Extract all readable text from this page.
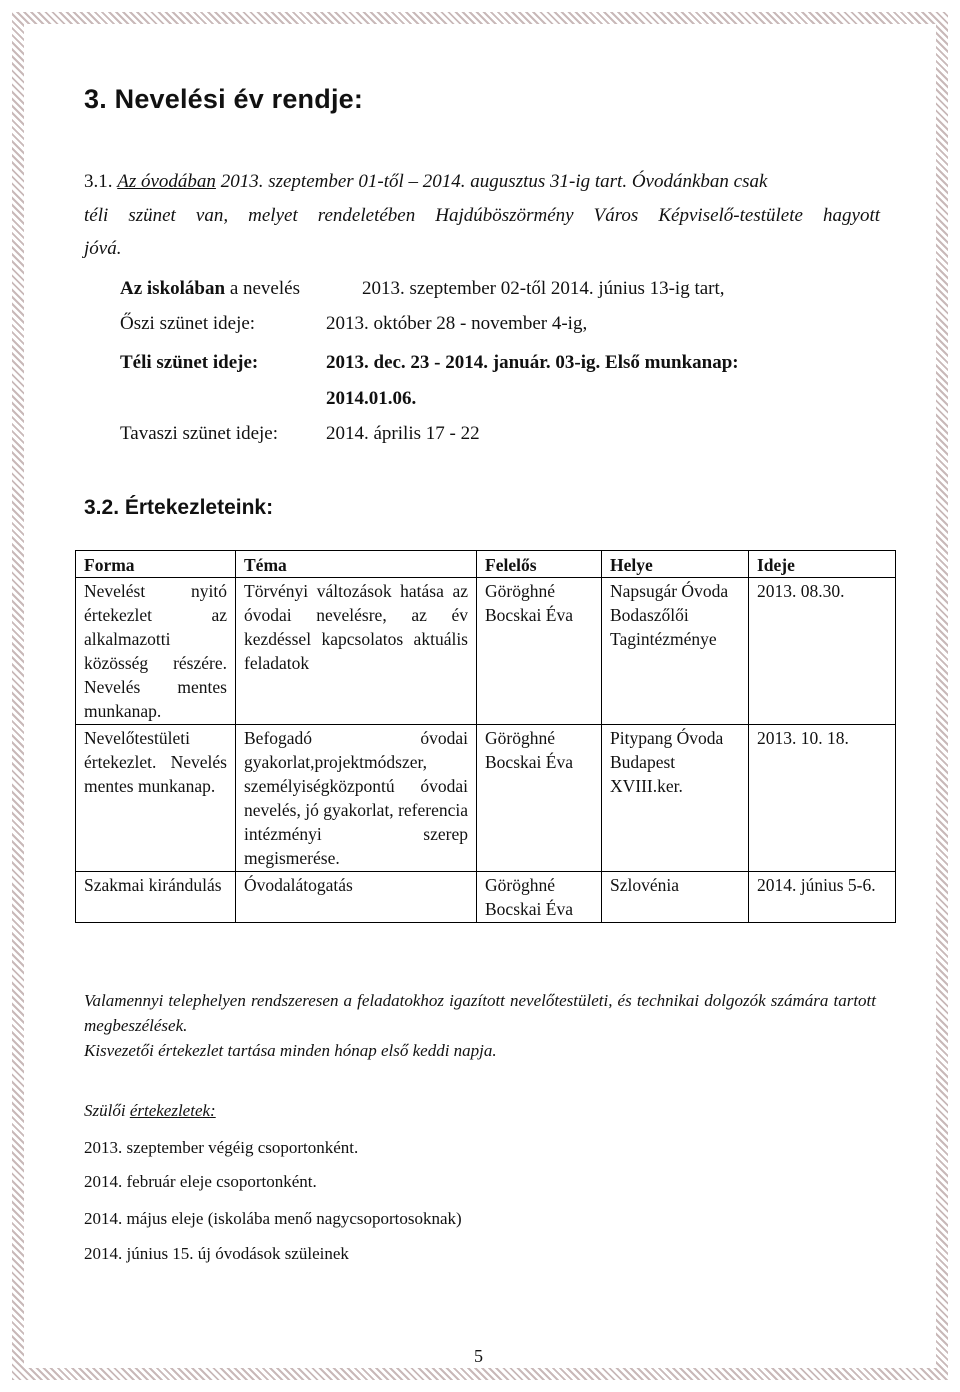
3. Nevelési év rendje:
3.1. Az óvodában 2013. szeptember 01-től – 2014. augusztus 31-ig tart. Óvodánkban csak
téli szünet van, melyet rendeletében Hajdúböszörmény Város Képviselő-testülete hagyott
jóvá.
Az iskolában a nevelés	2013. szeptember 02-től 2014. június 13-ig tart,
Őszi szünet ideje:	2013. október 28 - november 4-ig,
Téli szünet ideje:	2013. dec. 23 - 2014. január. 03-ig. Első munkanap:
2014.01.06.
Tavaszi szünet ideje:	2014. április 17 - 22
3.2. Értekezleteink:
Forma	Téma	Felelős	Helye	Ideje
Nevelést nyitó értekezlet az alkalmazotti közösség részére. Nevelés mentes munkanap.	Törvényi változások hatása az óvodai nevelésre, az év kezdéssel kapcsolatos aktuális feladatok	Göröghné Bocskai Éva	Napsugár Óvoda Bodaszőlői Tagintézménye	2013. 08.30.
Nevelőtestületi értekezlet. Nevelés mentes munkanap.	Befogadó óvodai gyakorlat,projektmódszer, személyiségközpontú óvodai nevelés, jó gyakorlat, referencia intézményi szerep megismerése.	Göröghné Bocskai Éva	Pitypang Óvoda Budapest XVIII.ker.	2013. 10. 18.
Szakmai kirándulás	Óvodalátogatás	Göröghné Bocskai Éva	Szlovénia	2014. június 5-6.
Valamennyi telephelyen rendszeresen a feladatokhoz igazított nevelőtestületi, és technikai dolgozók számára tartott megbeszélések.
Kisvezetői értekezlet tartása minden hónap első keddi napja.
Szülői értekezletek:
2013. szeptember végéig csoportonként.
2014. február eleje csoportonként.
2014. május eleje (iskolába menő nagycsoportosoknak)
2014. június 15. új óvodások szüleinek
5
